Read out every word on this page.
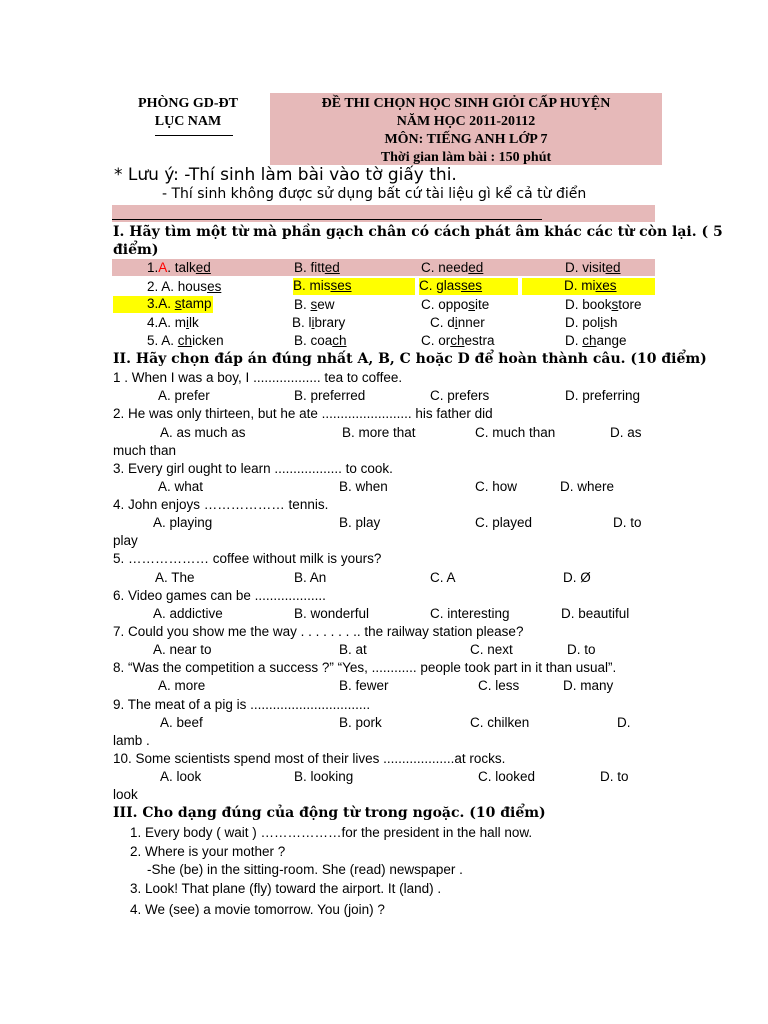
PHÒNG GD-ĐT
LỤC NAM
ĐỀ THI CHỌN HỌC SINH GIỎI CẤP HUYỆN
NĂM HỌC 2011-20112
MÔN: TIẾNG ANH LỚP 7
Thời gian làm bài : 150 phút
* Lưu ý: -Thí sinh làm bài vào tờ giấy thi.
- Thí sinh không được sử dụng bất cứ tài liệu gì kể cả từ điển
I. Hãy tìm một từ mà phần gạch chân có cách phát âm khác các từ còn lại. ( 5
điểm)
1.A. talked	B. fitted	C. needed	D. visited
2. A. houses	B. misses	C. glasses	D. mixes
3.A. stamp	B. sew	C. opposite	D. bookstore
4.A. milk	B. library	C. dinner	D. polish
5. A. chicken	B. coach	C. orchestra	D. change
II. Hãy chọn đáp án đúng nhất A, B, C hoặc D để hoàn thành câu. (10 điểm)
1 . When I was a boy, I .................. tea to coffee.
A. prefer	B. preferred	C. prefers	D. preferring
2. He was only thirteen, but he ate ........................ his father did
A. as much as	B. more that	C. much than	D. as
much than
3. Every girl ought to learn .................. to cook.
A. what	B. when	C. how	D. where
4. John enjoys ……………… tennis.
A. playing	B. play	C. played	D. to
play
5. ……………… coffee without milk is yours?
A. The	B. An	C. A	D. Ø
6. Video games can be ...................
A. addictive	B. wonderful	C. interesting	D. beautiful
7. Could you show me the way . . . . . . . .. the railway station please?
A. near to	B. at	C. next	D. to
8. “Was the competition a success ?” “Yes, ............ people took part in it than usual”.
A. more	B. fewer	C. less	D. many
9. The meat of a pig is ................................
A. beef	B. pork	C. chilken	D.
lamb .
10. Some scientists spend most of their lives ...................at rocks.
A. look	B. looking	C. looked	D. to
look
III. Cho dạng đúng của động từ trong ngoặc. (10 điểm)
1. Every body ( wait ) ………………for the president in the hall now.
2. Where is your mother ?
-She (be) in the sitting-room. She (read) newspaper .
3. Look! That plane (fly) toward the airport. It (land) .
4. We (see) a movie tomorrow. You (join) ?
